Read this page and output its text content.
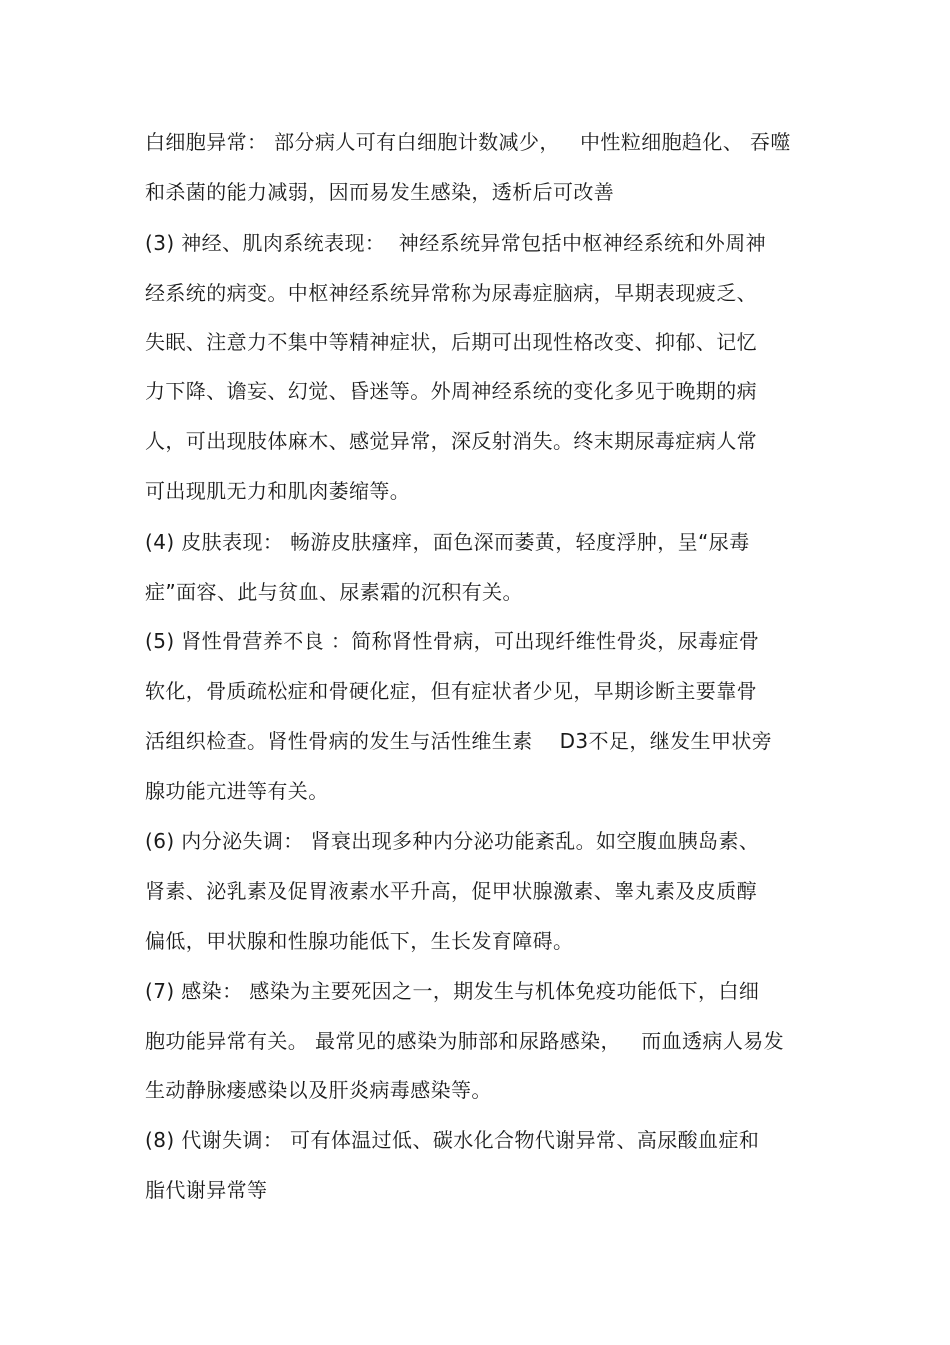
白细胞异常： 部分病人可有白细胞计数减少，   中性粒细胞趋化、 吞噬
和杀菌的能力减弱，因而易发生感染，透析后可改善
(3) 神经、肌肉系统表现：  神经系统异常包括中枢神经系统和外周神
经系统的病变。中枢神经系统异常称为尿毒症脑病，早期表现疲乏、
失眠、注意力不集中等精神症状，后期可出现性格改变、抑郁、记忆
力下降、谵妄、幻觉、昏迷等。外周神经系统的变化多见于晚期的病
人，可出现肢体麻木、感觉异常，深反射消失。终末期尿毒症病人常
可出现肌无力和肌肉萎缩等。
(4) 皮肤表现： 畅游皮肤瘙痒，面色深而萎黄，轻度浮肿，呈“尿毒
症”面容、此与贫血、尿素霜的沉积有关。
(5) 肾性骨营养不良 ：简称肾性骨病，可出现纤维性骨炎，尿毒症骨
软化，骨质疏松症和骨硬化症，但有症状者少见，早期诊断主要靠骨
活组织检查。肾性骨病的发生与活性维生素    D3不足，继发生甲状旁
腺功能亢进等有关。
(6) 内分泌失调： 肾衰出现多种内分泌功能紊乱。如空腹血胰岛素、
肾素、泌乳素及促胃液素水平升高，促甲状腺激素、睾丸素及皮质醇
偏低，甲状腺和性腺功能低下，生长发育障碍。
(7) 感染： 感染为主要死因之一，期发生与机体免疫功能低下，白细
胞功能异常有关。 最常见的感染为肺部和尿路感染，   而血透病人易发
生动静脉瘘感染以及肝炎病毒感染等。
(8) 代谢失调： 可有体温过低、碳水化合物代谢异常、高尿酸血症和
脂代谢异常等
